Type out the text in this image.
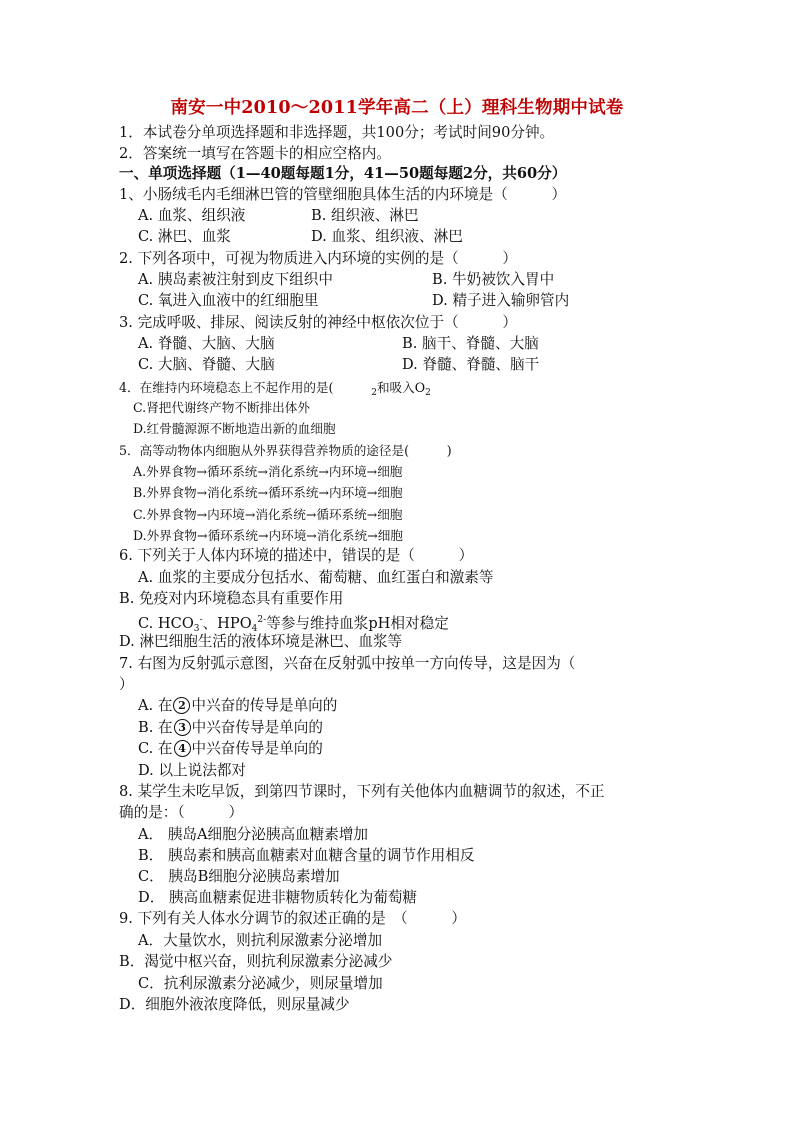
南安一中2010～2011学年高二（上）理科生物期中试卷
1．本试卷分单项选择题和非选择题，共100分；考试时间90分钟。
2．答案统一填写在答题卡的相应空格内。
一、单项选择题（1—40题每题1分，41—50题每题2分，共60分）
1、小肠绒毛内毛细淋巴管的管壁细胞具体生活的内环境是（　　　）
A. 血浆、组织液	B. 组织液、淋巴
C. 淋巴、血浆	D. 血浆、组织液、淋巴
2. 下列各项中，可视为物质进入内环境的实例的是（　　　）
A. 胰岛素被注射到皮下组织中	B. 牛奶被饮入胃中
C. 氧进入血液中的红细胞里	D. 精子进入输卵管内
3. 完成呼吸、排尿、阅读反射的神经中枢依次位于（　　　）
A. 脊髓、大脑、大脑	B. 脑干、脊髓、大脑
C. 大脑、脊髓、大脑	D. 脊髓、脊髓、脑干
4．在维持内环境稳态上不起作用的是(　　　$_2$和吸入$O_2$
C.肾把代谢终产物不断排出体外
D.红骨髓源源不断地造出新的血细胞
5．高等动物体内细胞从外界获得营养物质的途径是(　　　)
A.外界食物→循环系统→消化系统→内环境→细胞
B.外界食物→消化系统→循环系统→内环境→细胞
C.外界食物→内环境→消化系统→循环系统→细胞
D.外界食物→循环系统→内环境→消化系统→细胞
6. 下列关于人体内环境的描述中，错误的是（　　　）
A. 血浆的主要成分包括水、葡萄糖、血红蛋白和激素等
B. 免疫对内环境稳态具有重要作用
C. $HCO_3^-$、$HPO_4^{2-}$等参与维持血浆pH相对稳定
D. 淋巴细胞生活的液体环境是淋巴、血浆等
7. 右图为反射弧示意图，兴奋在反射弧中按单一方向传导，这是因为（
）
A. 在 2 中兴奋的传导是单向的
B. 在 3 中兴奋传导是单向的
C. 在 4 中兴奋传导是单向的
D. 以上说法都对
8. 某学生未吃早饭，到第四节课时，下列有关他体内血糖调节的叙述，不正
确的是：（　　　）
A． 胰岛A细胞分泌胰高血糖素增加
B． 胰岛素和胰高血糖素对血糖含量的调节作用相反
C． 胰岛B细胞分泌胰岛素增加
D． 胰高血糖素促进非糖物质转化为葡萄糖
9. 下列有关人体水分调节的叙述正确的是　（　　　）
A．大量饮水，则抗利尿激素分泌增加
B．渴觉中枢兴奋，则抗利尿激素分泌减少
C．抗利尿激素分泌减少，则尿量增加
D．细胞外液浓度降低，则尿量减少
